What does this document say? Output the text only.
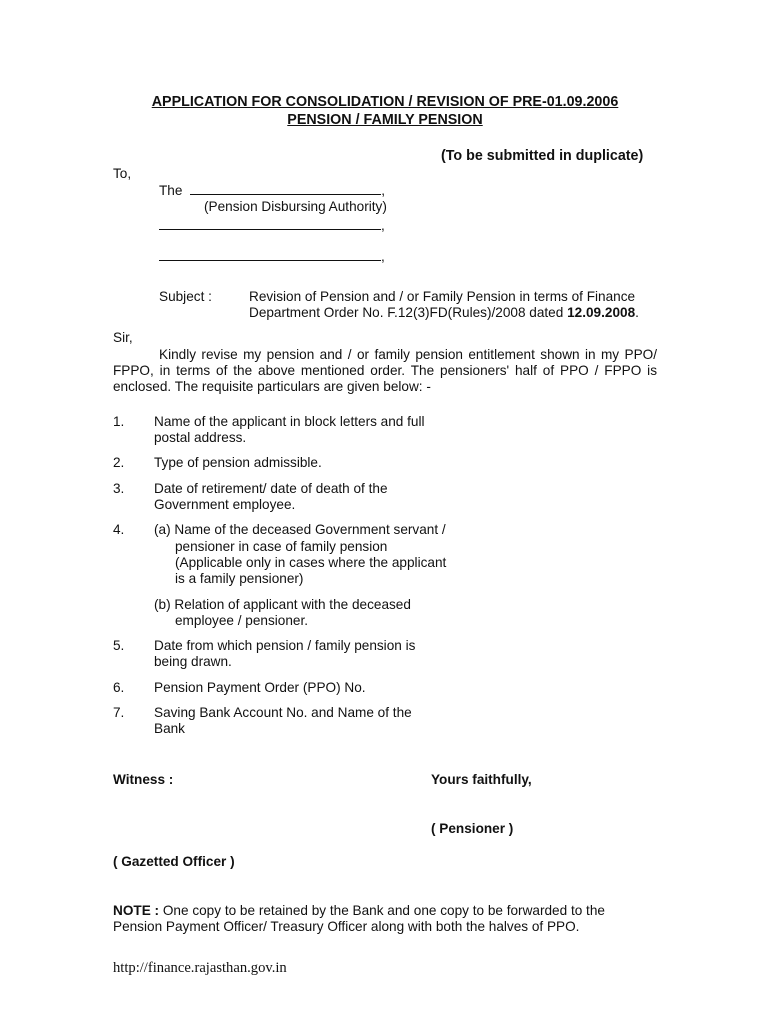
APPLICATION FOR CONSOLIDATION / REVISION OF PRE-01.09.2006
PENSION / FAMILY PENSION
(To be submitted in duplicate)
To,
The	,
(Pension Disbursing Authority)
,
,
Subject :	Revision of Pension and / or Family Pension in terms of Finance
Department Order No. F.12(3)FD(Rules)/2008 dated 12.09.2008.
Sir,
Kindly revise my pension and / or family pension entitlement shown in my PPO/
FPPO, in terms of the above mentioned order. The pensioners' half of PPO / FPPO is
enclosed. The requisite particulars are given below: -
1. Name of the applicant in block letters and full
postal address.
2. Type of pension admissible.
3. Date of retirement/ date of death of the
Government employee.
4. (a) Name of the deceased Government servant /
pensioner in case of family pension
(Applicable only in cases where the applicant
is a family pensioner)
(b) Relation of applicant with the deceased
employee / pensioner.
5. Date from which pension / family pension is
being drawn.
6. Pension Payment Order (PPO) No.
7. Saving Bank Account No. and Name of the
Bank
Witness :	Yours faithfully,
( Pensioner )
( Gazetted Officer )
NOTE : One copy to be retained by the Bank and one copy to be forwarded to the
Pension Payment Officer/ Treasury Officer along with both the halves of PPO.
http://finance.rajasthan.gov.in
